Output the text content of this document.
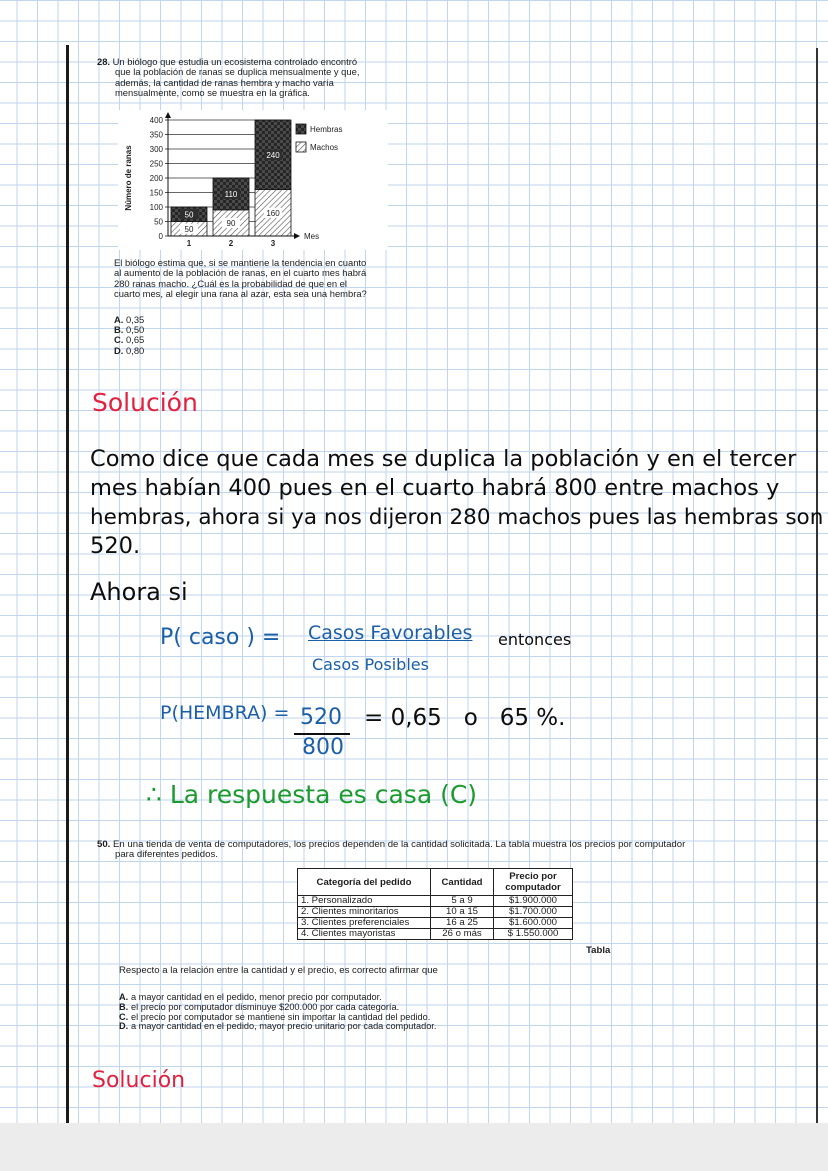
28. Un biólogo que estudia un ecosistema controlado encontró
que la población de ranas se duplica mensualmente y que,
además, la cantidad de ranas hembra y macho varía
mensualmente, como se muestra en la gráfica.
50
50
90
110
160
240
Hembras
Machos
0
50
100
150
200
250
300
350
400
Mes
Número de ranas
1	2	3
El biólogo estima que, si se mantiene la tendencia en cuanto
al aumento de la población de ranas, en el cuarto mes habrá
280 ranas macho. ¿Cuál es la probabilidad de que en el
cuarto mes, al elegir una rana al azar, esta sea una hembra?
A. 0,35
B. 0,50
C. 0,65
D. 0,80
Solución
Como dice que cada mes se duplica la población y en el tercer
mes habían 400 pues en el cuarto habrá 800 entre machos y
hembras, ahora si ya nos dijeron 280 machos pues las hembras son
520.
Ahora si
P( caso ) = Casos Favorables
Casos Posibles
entonces
P(HEMBRA) = 520
800
= 0,65   o   65 %.
∴ La respuesta es casa (C)
50. En una tienda de venta de computadores, los precios dependen de la cantidad solicitada. La tabla muestra los precios por computador
para diferentes pedidos.
Categoría del pedido	Cantidad	Precio por computador
1. Personalizado	5 a 9	$1.900.000
2. Clientes minoritarios	10 a 15	$1.700.000
3. Clientes preferenciales	16 a 25	$1.600.000
4. Clientes mayoristas	26 o más	$ 1.550.000
Tabla
Respecto a la relación entre la cantidad y el precio, es correcto afirmar que
A. a mayor cantidad en el pedido, menor precio por computador.
B. el precio por computador disminuye $200.000 por cada categoría.
C. el precio por computador se mantiene sin importar la cantidad del pedido.
D. a mayor cantidad en el pedido, mayor precio unitario por cada computador.
Solución
